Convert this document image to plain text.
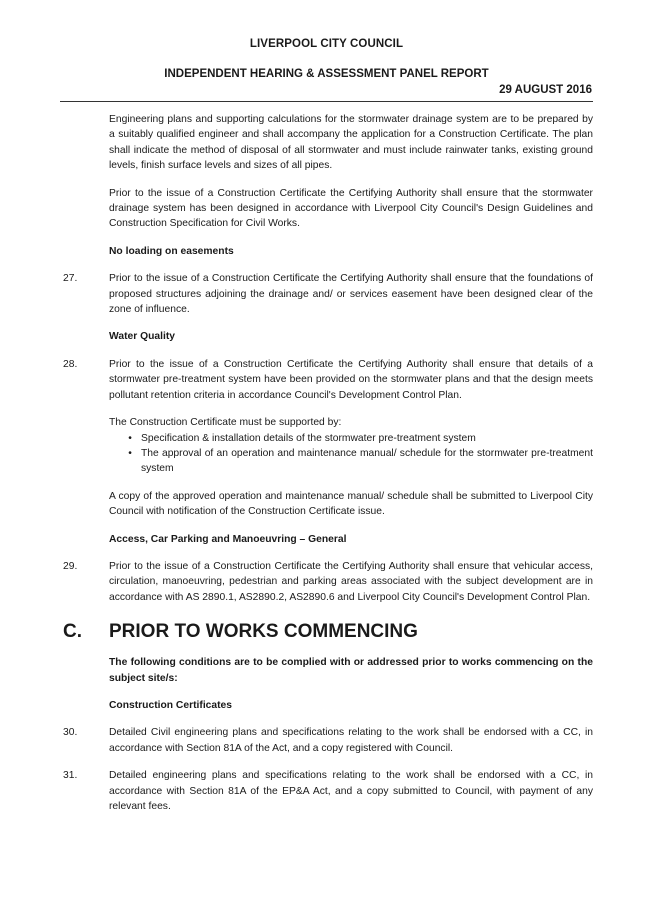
LIVERPOOL CITY COUNCIL
INDEPENDENT HEARING & ASSESSMENT PANEL REPORT
29 AUGUST 2016

Engineering plans and supporting calculations for the stormwater drainage system are to be prepared by a suitably qualified engineer and shall accompany the application for a Construction Certificate. The plan shall indicate the method of disposal of all stormwater and must include rainwater tanks, existing ground levels, finish surface levels and sizes of all pipes.

Prior to the issue of a Construction Certificate the Certifying Authority shall ensure that the stormwater drainage system has been designed in accordance with Liverpool City Council's Design Guidelines and Construction Specification for Civil Works.

No loading on easements

27.	Prior to the issue of a Construction Certificate the Certifying Authority shall ensure that the foundations of proposed structures adjoining the drainage and/ or services easement have been designed clear of the zone of influence.

Water Quality

28.	Prior to the issue of a Construction Certificate the Certifying Authority shall ensure that details of a stormwater pre-treatment system have been provided on the stormwater plans and that the design meets pollutant retention criteria in accordance Council's Development Control Plan.

The Construction Certificate must be supported by:

• Specification & installation details of the stormwater pre-treatment system
• The approval of an operation and maintenance manual/ schedule for the stormwater pre-treatment system

A copy of the approved operation and maintenance manual/ schedule shall be submitted to Liverpool City Council with notification of the Construction Certificate issue.

Access, Car Parking and Manoeuvring – General

29.	Prior to the issue of a Construction Certificate the Certifying Authority shall ensure that vehicular access, circulation, manoeuvring, pedestrian and parking areas associated with the subject development are in accordance with AS 2890.1, AS2890.2, AS2890.6 and Liverpool City Council's Development Control Plan.
C.	PRIOR TO WORKS COMMENCING

The following conditions are to be complied with or addressed prior to works commencing on the subject site/s:

Construction Certificates

30.	Detailed Civil engineering plans and specifications relating to the work shall be endorsed with a CC, in accordance with Section 81A of the Act, and a copy registered with Council.
31.	Detailed engineering plans and specifications relating to the work shall be endorsed with a CC, in accordance with Section 81A of the EP&A Act, and a copy submitted to Council, with payment of any relevant fees.
